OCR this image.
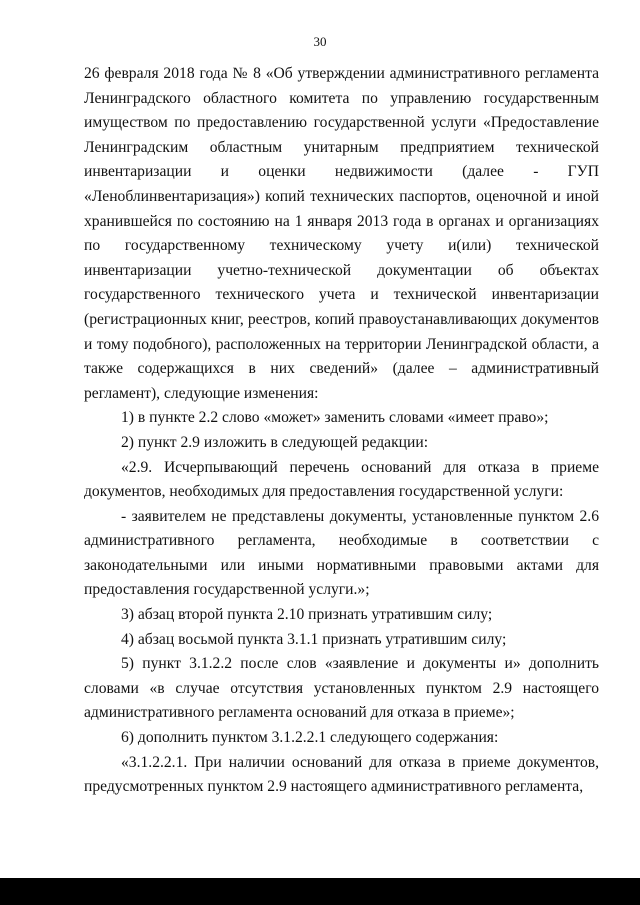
30

26 февраля 2018 года № 8 «Об утверждении административного регламента Ленинградского областного комитета по управлению государственным имуществом по предоставлению государственной услуги «Предоставление Ленинградским областным унитарным предприятием технической инвентаризации и оценки недвижимости (далее - ГУП «Леноблинвентаризация») копий технических паспортов, оценочной и иной хранившейся по состоянию на 1 января 2013 года в органах и организациях по государственному техническому учету и(или) технической инвентаризации учетно-технической документации об объектах государственного технического учета и технической инвентаризации (регистрационных книг, реестров, копий правоустанавливающих документов и тому подобного), расположенных на территории Ленинградской области, а также содержащихся в них сведений» (далее – административный регламент), следующие изменения:

1) в пункте 2.2 слово «может» заменить словами «имеет право»;

2) пункт 2.9 изложить в следующей редакции:

«2.9. Исчерпывающий перечень оснований для отказа в приеме документов, необходимых для предоставления государственной услуги:

- заявителем не представлены документы, установленные пунктом 2.6 административного регламента, необходимые в соответствии с законодательными или иными нормативными правовыми актами для предоставления государственной услуги.»;

3) абзац второй пункта 2.10 признать утратившим силу;

4) абзац восьмой пункта 3.1.1 признать утратившим силу;

5) пункт 3.1.2.2 после слов «заявление и документы и» дополнить словами «в случае отсутствия установленных пунктом 2.9 настоящего административного регламента оснований для отказа в приеме»;

6) дополнить пунктом 3.1.2.2.1 следующего содержания:

«3.1.2.2.1. При наличии оснований для отказа в приеме документов, предусмотренных пунктом 2.9 настоящего административного регламента,
